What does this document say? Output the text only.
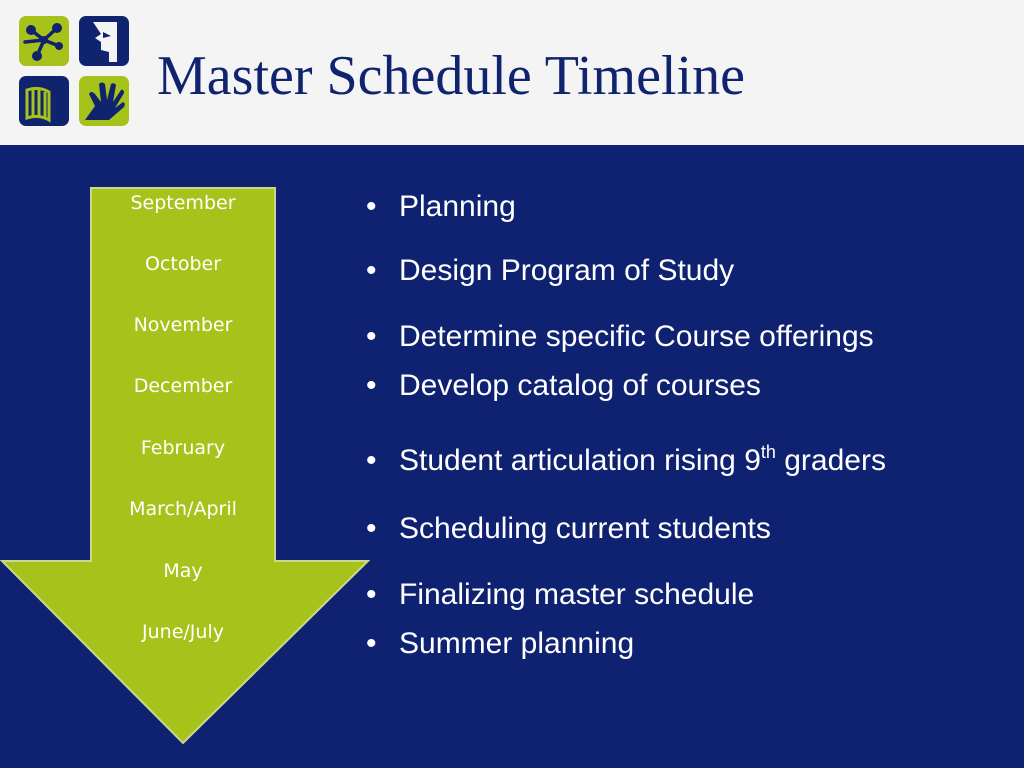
Master Schedule Timeline
September
October
November
December
February
March/April
May
June/July
• Planning
• Design Program of Study
• Determine specific Course offerings
• Develop catalog of courses
• Student articulation rising 9th graders
• Scheduling current students
• Finalizing master schedule
• Summer planning
